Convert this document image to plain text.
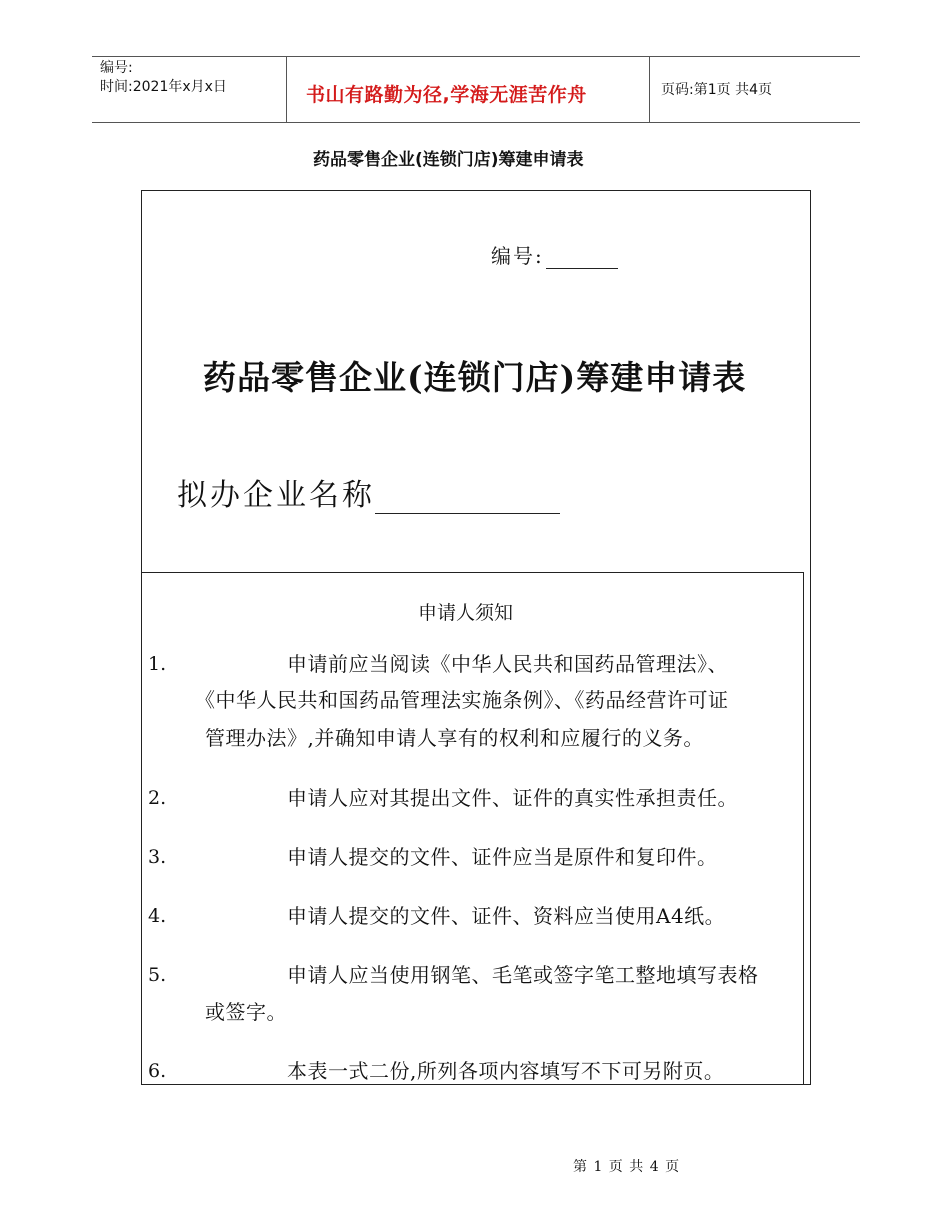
编号:
时间:2021年x月x日	书山有路勤为径,学海无涯苦作舟	页码:第1页 共4页
药品零售企业(连锁门店)筹建申请表
编号:
药品零售企业(连锁门店)筹建申请表
拟办企业名称
申请人须知
1.	申请前应当阅读《中华人民共和国药品管理法》、
《中华人民共和国药品管理法实施条例》、《药品经营许可证
管理办法》,并确知申请人享有的权利和应履行的义务。
2.	申请人应对其提出文件、证件的真实性承担责任。
3.	申请人提交的文件、证件应当是原件和复印件。
4.	申请人提交的文件、证件、资料应当使用A4纸。
5.	申请人应当使用钢笔、毛笔或签字笔工整地填写表格
或签字。
6.	本表一式二份,所列各项内容填写不下可另附页。
第 1 页 共 4 页
